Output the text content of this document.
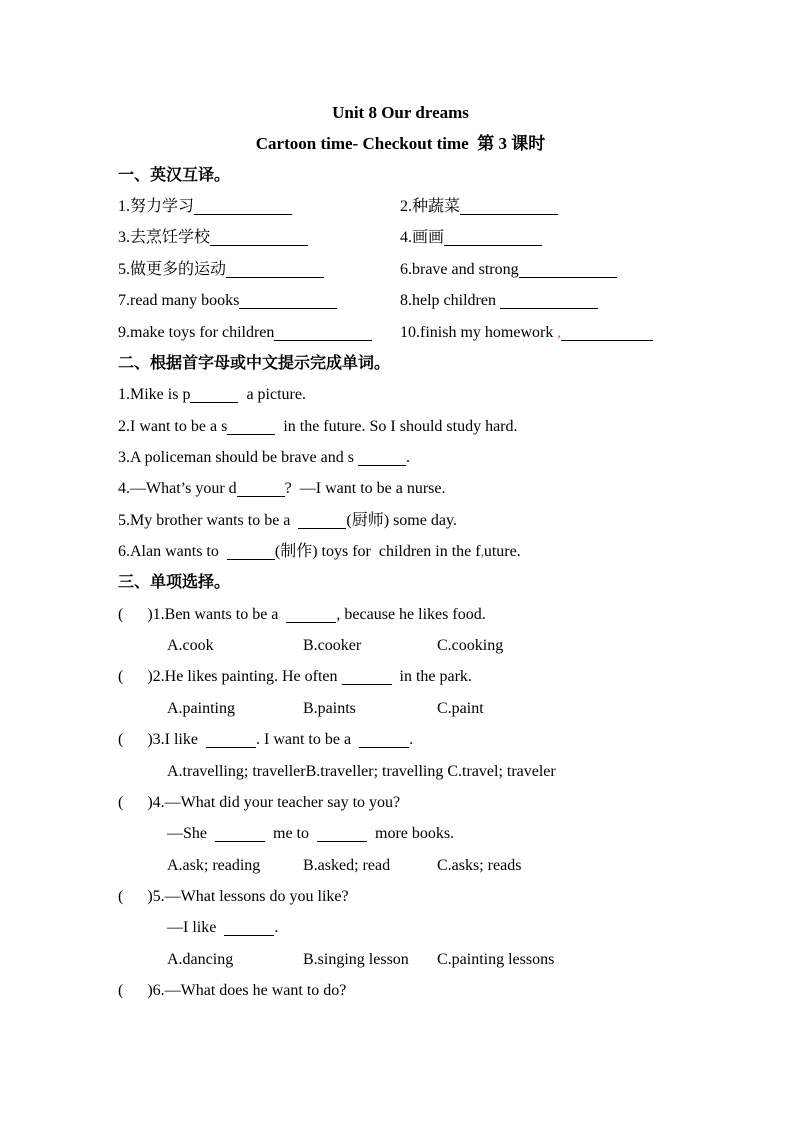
Unit 8 Our dreams
Cartoon time- Checkout time  第 3 课时
一、英汉互译。
1.努力学习	2.种蔬菜
3.去烹饪学校	4.画画
5.做更多的运动	6.brave and strong
7.read many books	8.help children
9.make toys for children	10.finish my homework ,
二、根据首字母或中文提示完成单词。
1.Mike is p	a picture.
2.I want to be a s	in the future. So I should study hard.
3.A policeman should be brave and s	.
4.—What’s your d	?  —I want to be a nurse.
5.My brother wants to be a	(厨师) some day.
6.Alan wants to	(制作) toys for  children in the f,uture.
三、单项选择。
(      )1.Ben wants to be a	, because he likes food.
A.cook	B.cooker	C.cooking
(      )2.He likes painting. He often	in the park.
A.painting	B.paints	C.paint
(      )3.I like	. I want to be a	.
A.travelling; traveller B.traveller; travelling C.travel; traveler
(      )4.—What did your teacher say to you?
—She	me to	more books.
A.ask; reading	B.asked; read	C.asks; reads
(      )5.—What lessons do you like?
—I like	.
A.dancing	B.singing lesson	C.painting lessons
(      )6.—What does he want to do?
